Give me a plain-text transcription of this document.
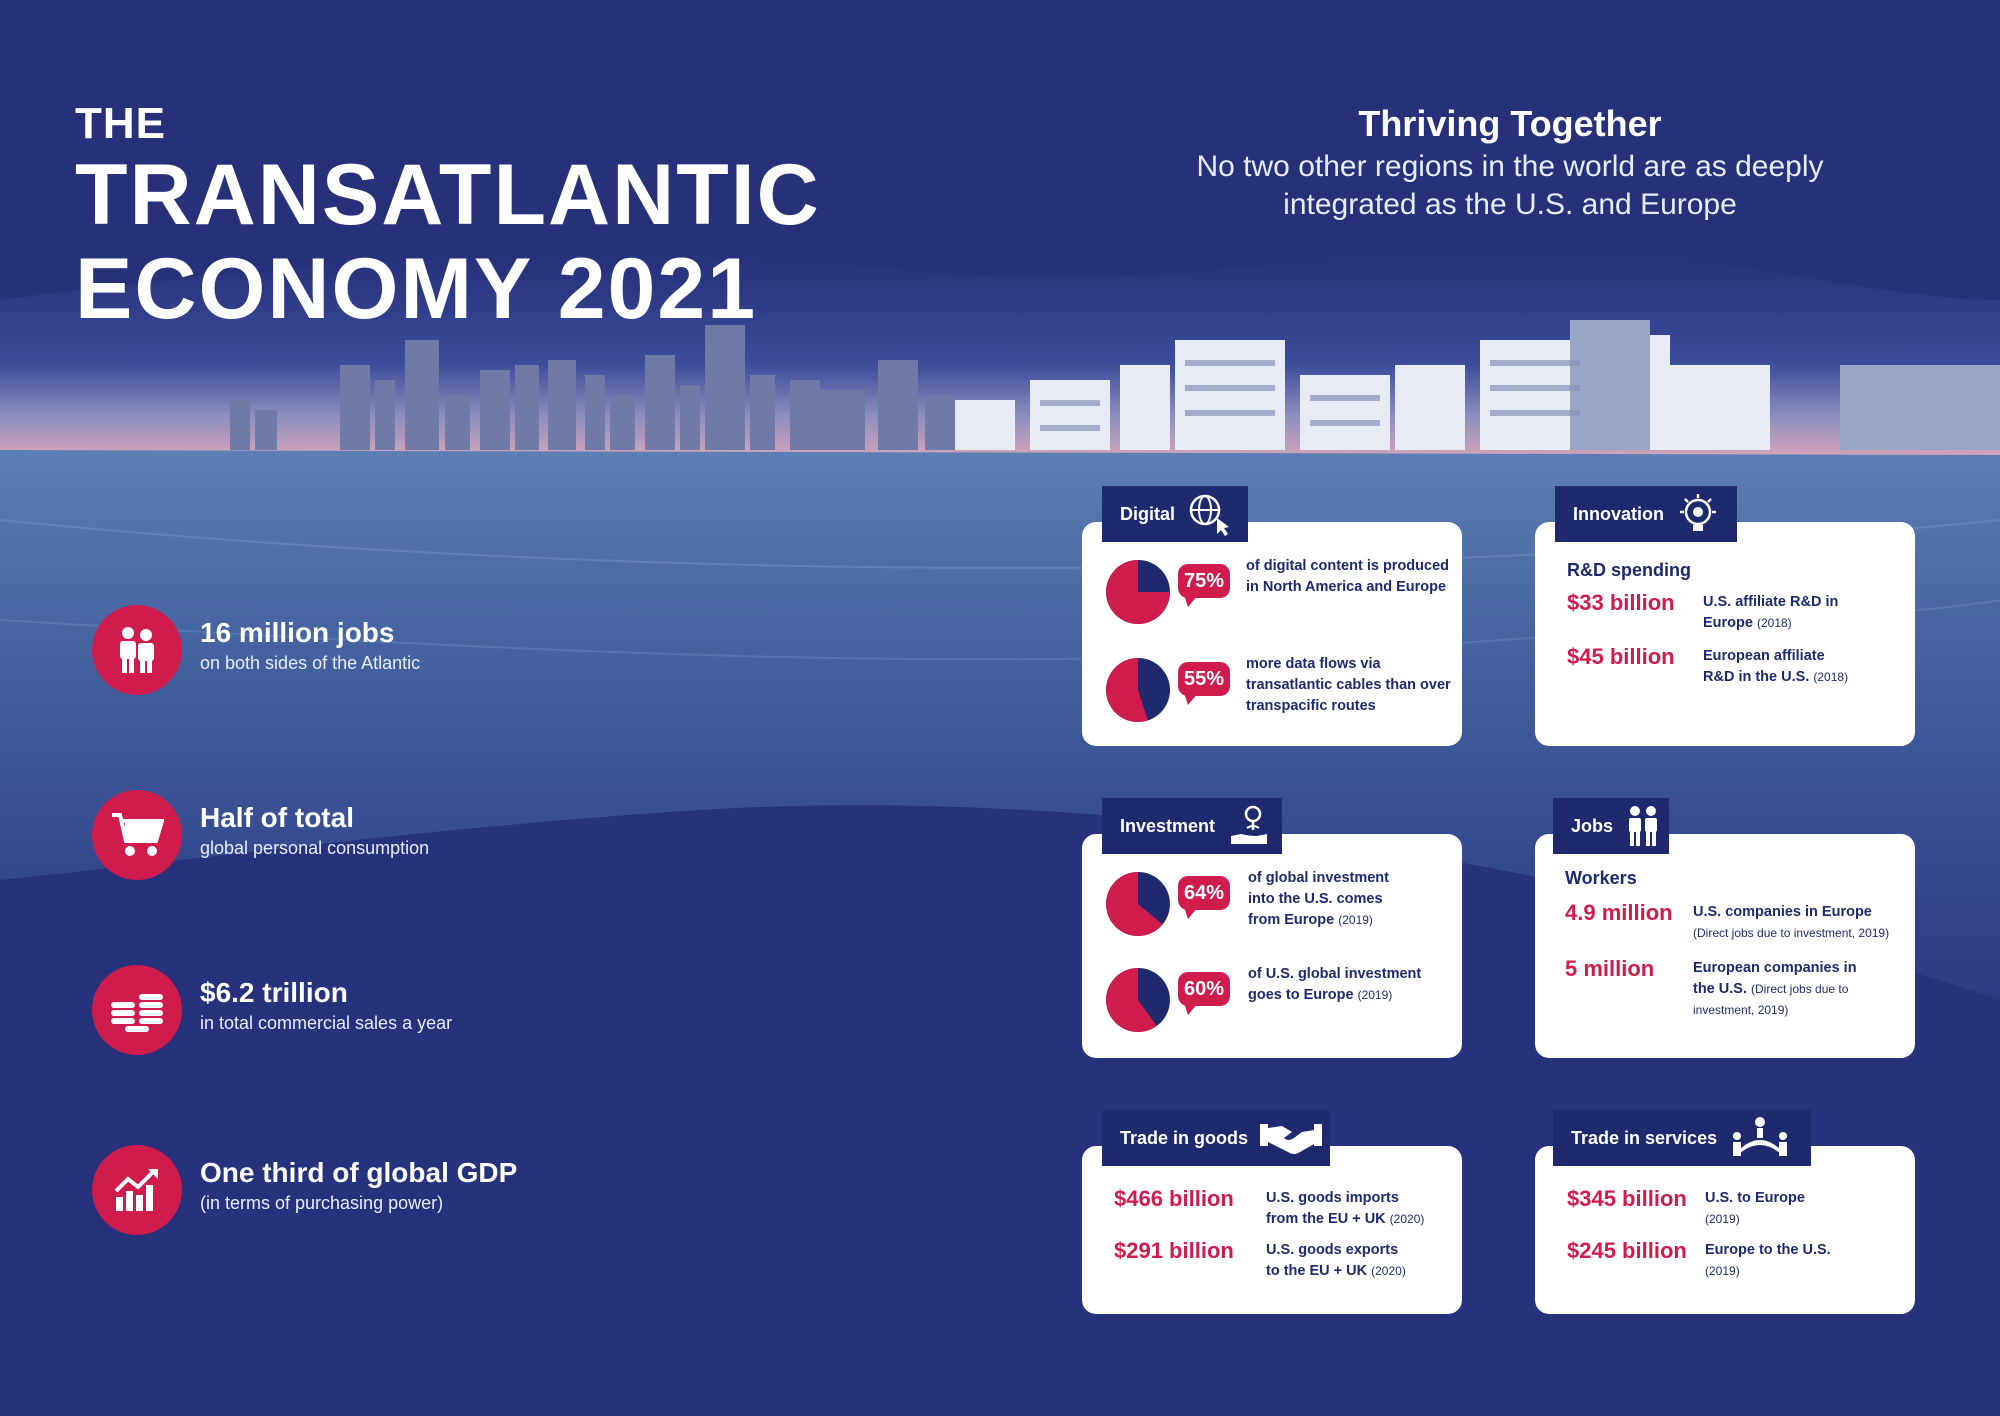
THE
TRANSATLANTIC
ECONOMY 2021
Thriving Together
No two other regions in the world are as deeply
integrated as the U.S. and Europe
16 million jobs
on both sides of the Atlantic
Half of total
global personal consumption
$6.2 trillion
in total commercial sales a year
One third of global GDP
(in terms of purchasing power)
75%
of digital content is produced in North America and Europe
55%
more data flows via transatlantic cables than over transpacific routes
Digital
R&D spending
$33 billion U.S. affiliate R&D in
Europe (2018)
$45 billion European affiliate
R&D in the U.S. (2018)
Innovation
64%
of global investment
into the U.S. comes
from Europe (2019)
60%
of U.S. global investment
goes to Europe (2019)
Investment
Workers
4.9 million U.S. companies in Europe
(Direct jobs due to investment, 2019)
5 million	European companies in
the U.S. (Direct jobs due to
investment, 2019)
Jobs
$466 billion U.S. goods imports
from the EU + UK (2020)
$291 billion U.S. goods exports
to the EU + UK (2020)
Trade in goods
$345 billion U.S. to Europe
(2019)
$245 billion Europe to the U.S.
(2019)
Trade in services
